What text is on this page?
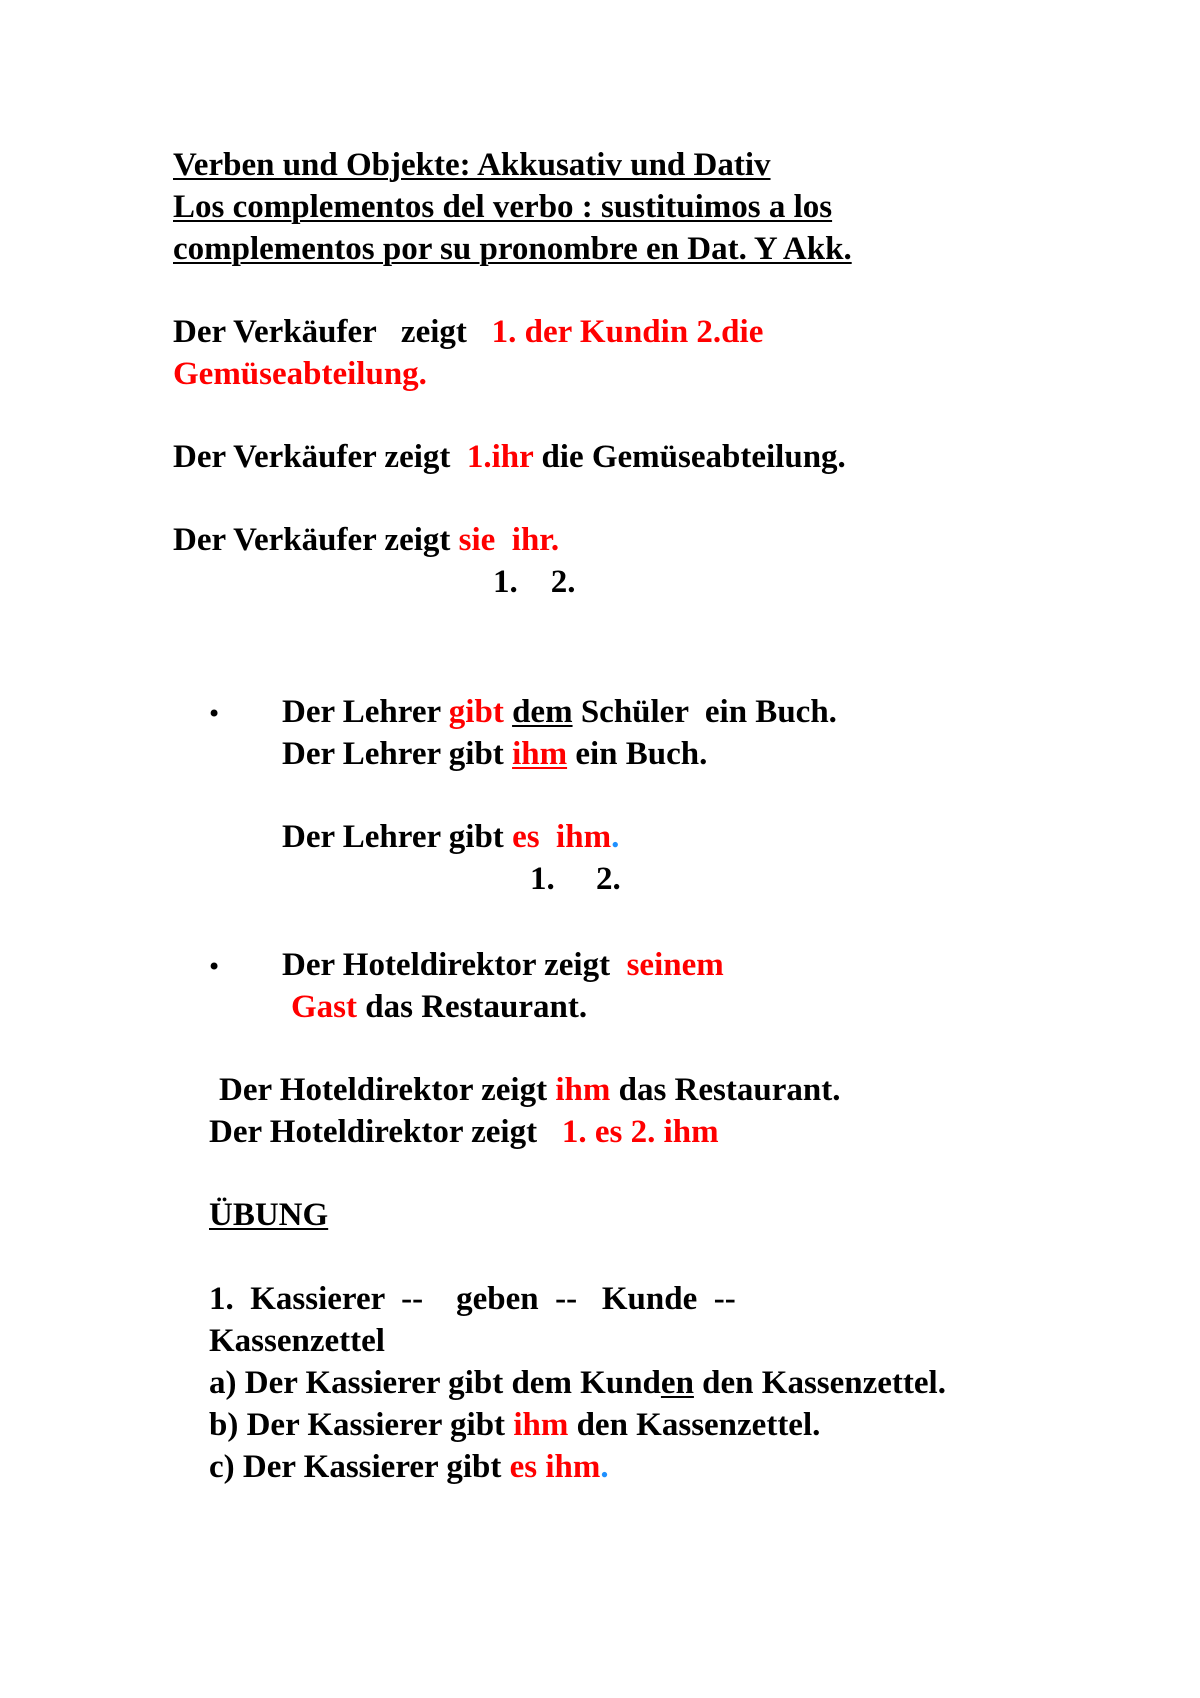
Verben und Objekte: Akkusativ und Dativ
Los complementos del verbo : sustituimos a los
complementos por su pronombre en Dat. Y Akk.
Der Verkäufer   zeigt   1. der Kundin 2.die
Gemüseabteilung.
Der Verkäufer zeigt  1.ihr die Gemüseabteilung.
Der Verkäufer zeigt sie  ihr.
1.    2.
• Der Lehrer gibt dem Schüler  ein Buch.
Der Lehrer gibt ihm ein Buch.
Der Lehrer gibt es  ihm.
1.     2.
• Der Hoteldirektor zeigt  seinem
Gast das Restaurant.
Der Hoteldirektor zeigt ihm das Restaurant.
Der Hoteldirektor zeigt   1. es 2. ihm
ÜBUNG
1.  Kassierer  --    geben  --   Kunde  --
Kassenzettel
a) Der Kassierer gibt dem Kunden den Kassenzettel.
b) Der Kassierer gibt ihm den Kassenzettel.
c) Der Kassierer gibt es ihm.
